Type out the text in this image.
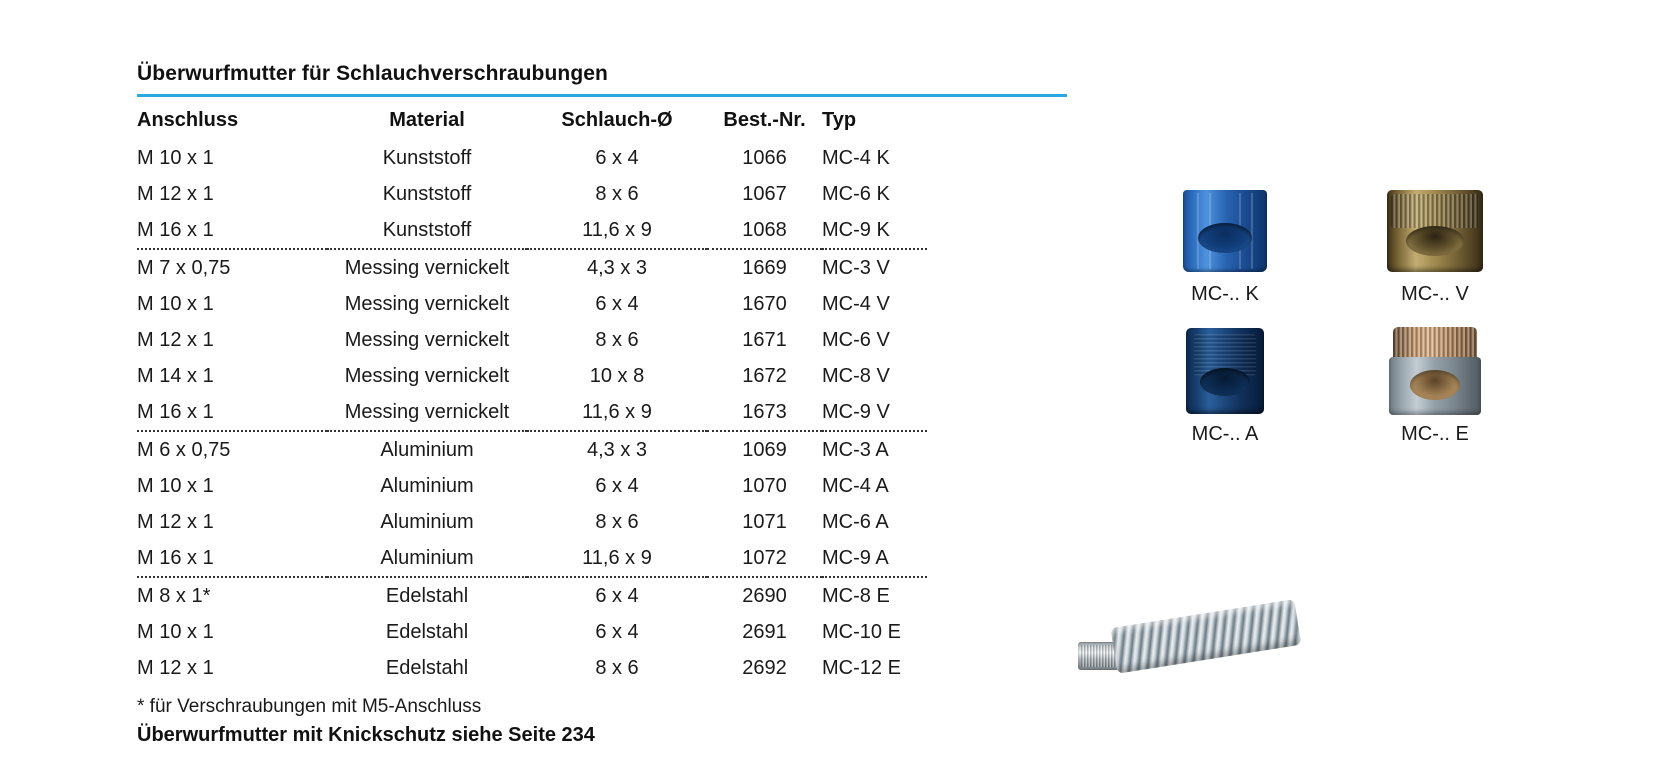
Überwurfmutter für Schlauchverschraubungen
Anschluss	Material	Schlauch-Ø	Best.-Nr.	Typ
M 10 x 1	Kunststoff	6 x 4	1066	MC-4 K
M 12 x 1	Kunststoff	8 x 6	1067	MC-6 K
M 16 x 1	Kunststoff	11,6 x 9	1068	MC-9 K
M 7 x 0,75	Messing vernickelt	4,3 x 3	1669	MC-3 V
M 10 x 1	Messing vernickelt	6 x 4	1670	MC-4 V
M 12 x 1	Messing vernickelt	8 x 6	1671	MC-6 V
M 14 x 1	Messing vernickelt	10 x 8	1672	MC-8 V
M 16 x 1	Messing vernickelt	11,6 x 9	1673	MC-9 V
M 6 x 0,75	Aluminium	4,3 x 3	1069	MC-3 A
M 10 x 1	Aluminium	6 x 4	1070	MC-4 A
M 12 x 1	Aluminium	8 x 6	1071	MC-6 A
M 16 x 1	Aluminium	11,6 x 9	1072	MC-9 A
M 8 x 1*	Edelstahl	6 x 4	2690	MC-8 E
M 10 x 1	Edelstahl	6 x 4	2691	MC-10 E
M 12 x 1	Edelstahl	8 x 6	2692	MC-12 E
* für Verschraubungen mit M5-Anschluss
Überwurfmutter mit Knickschutz siehe Seite 234
MC-.. K	MC-.. V
MC-.. A	MC-.. E
